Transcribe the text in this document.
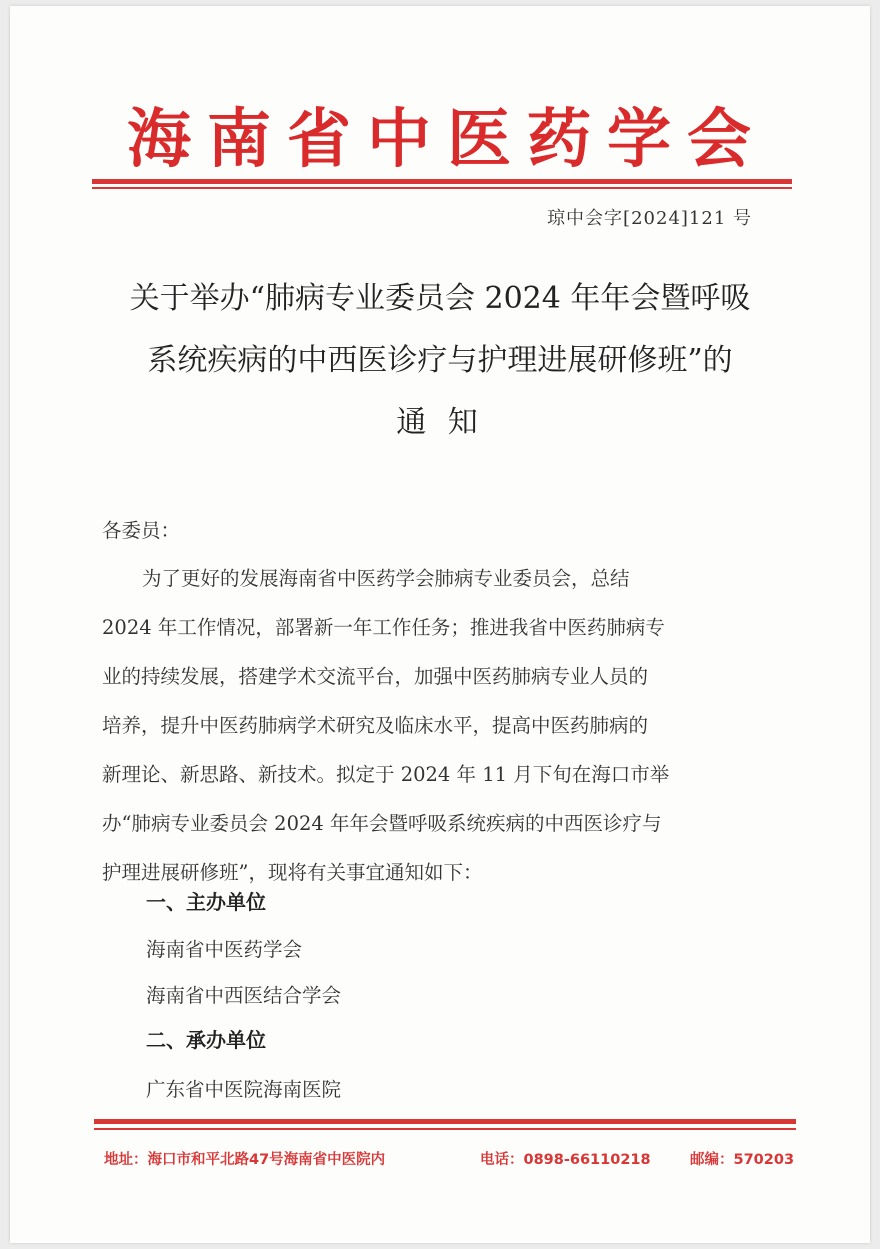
海南省中医药学会
琼中会字[2024]121 号
关于举办“肺病专业委员会 2024 年年会暨呼吸
系统疾病的中西医诊疗与护理进展研修班”的
通 知
各委员：
为了更好的发展海南省中医药学会肺病专业委员会，总结
2024 年工作情况，部署新一年工作任务；推进我省中医药肺病专
业的持续发展，搭建学术交流平台，加强中医药肺病专业人员的
培养，提升中医药肺病学术研究及临床水平，提高中医药肺病的
新理论、新思路、新技术。拟定于 2024 年 11 月下旬在海口市举
办“肺病专业委员会 2024 年年会暨呼吸系统疾病的中西医诊疗与
护理进展研修班”，现将有关事宜通知如下：
一、主办单位
海南省中医药学会
海南省中西医结合学会
二、承办单位
广东省中医院海南医院
地址：海口市和平北路47号海南省中医院内	电话：0898-66110218	邮编：570203
